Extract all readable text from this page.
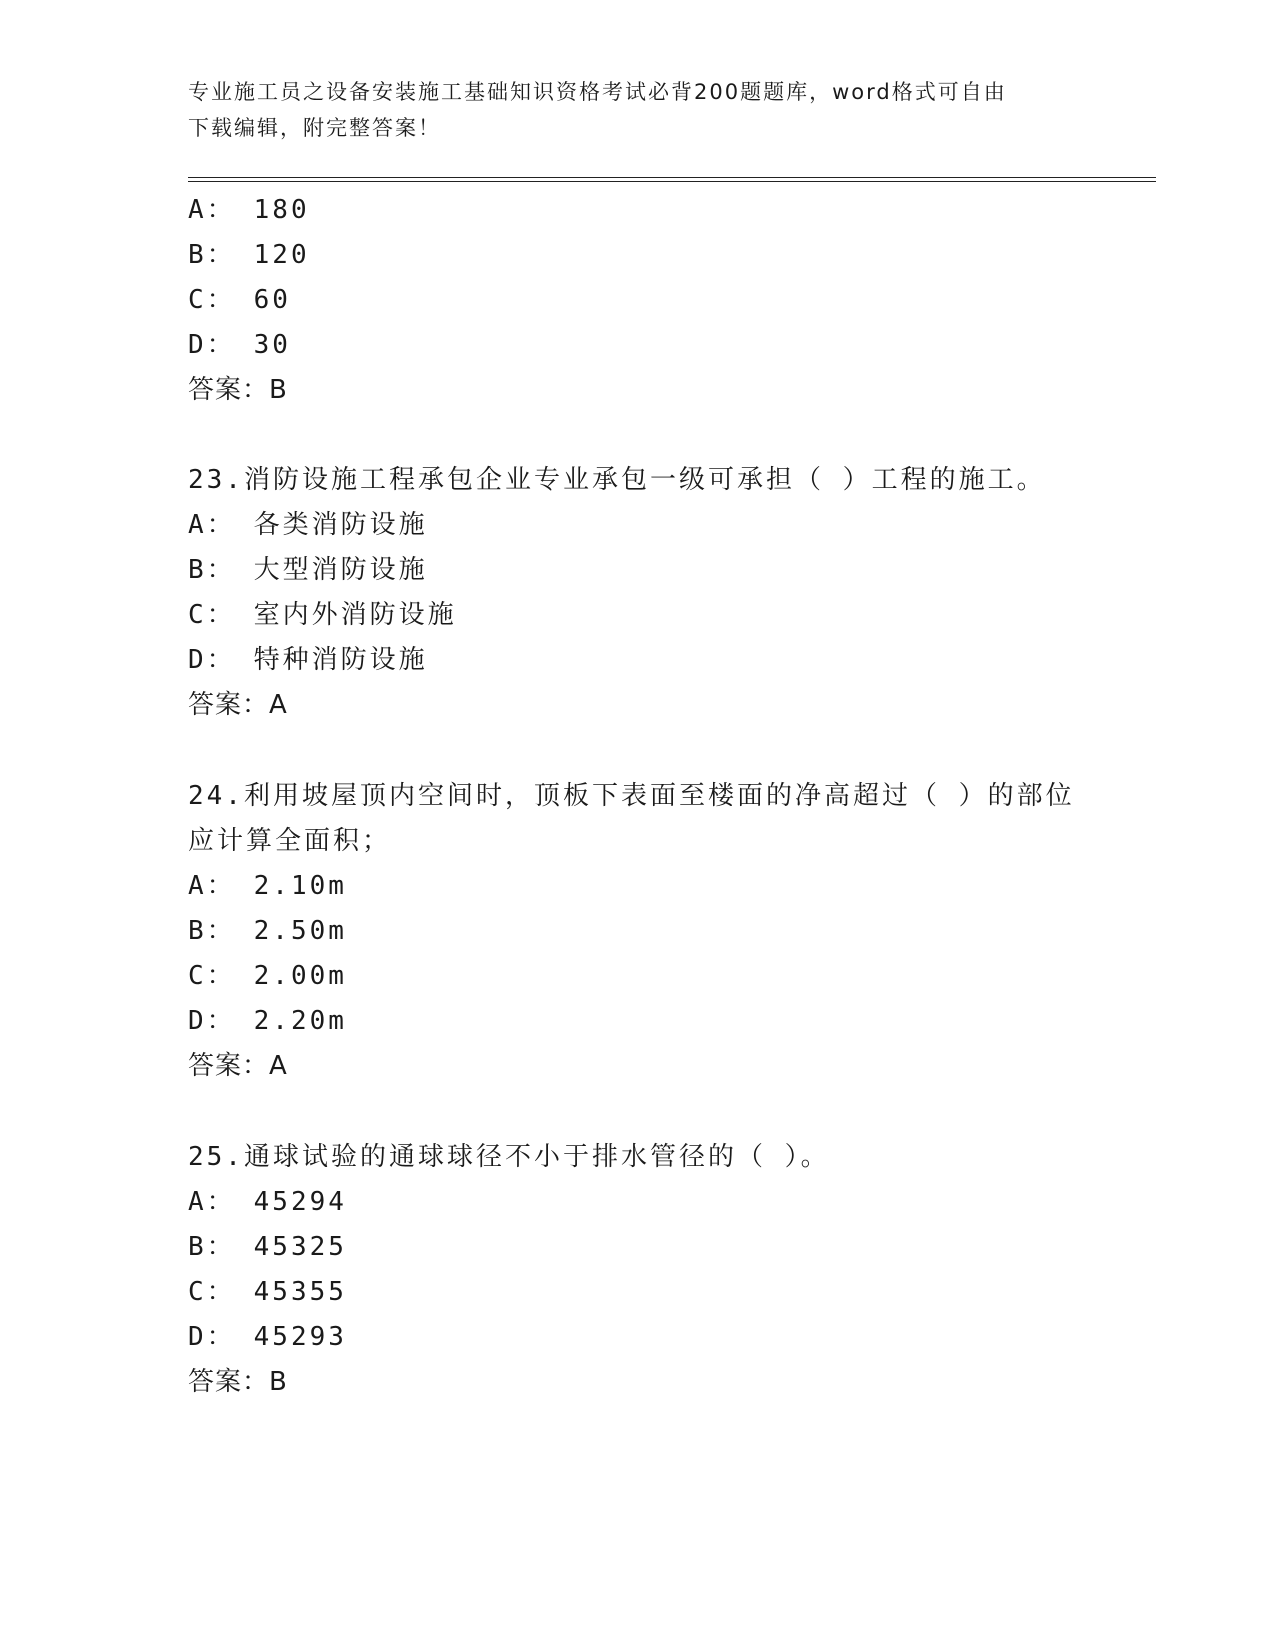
专业施工员之设备安装施工基础知识资格考试必背200题题库，word格式可自由
下载编辑，附完整答案！
A： 180
B： 120
C： 60
D： 30
答案：B
23.消防设施工程承包企业专业承包一级可承担（ ）工程的施工。
A： 各类消防设施
B： 大型消防设施
C： 室内外消防设施
D： 特种消防设施
答案：A
24.利用坡屋顶内空间时，顶板下表面至楼面的净高超过（ ）的部位
应计算全面积；
A： 2.10m
B： 2.50m
C： 2.00m
D： 2.20m
答案：A
25.通球试验的通球球径不小于排水管径的（ ）。
A： 45294
B： 45325
C： 45355
D： 45293
答案：B
